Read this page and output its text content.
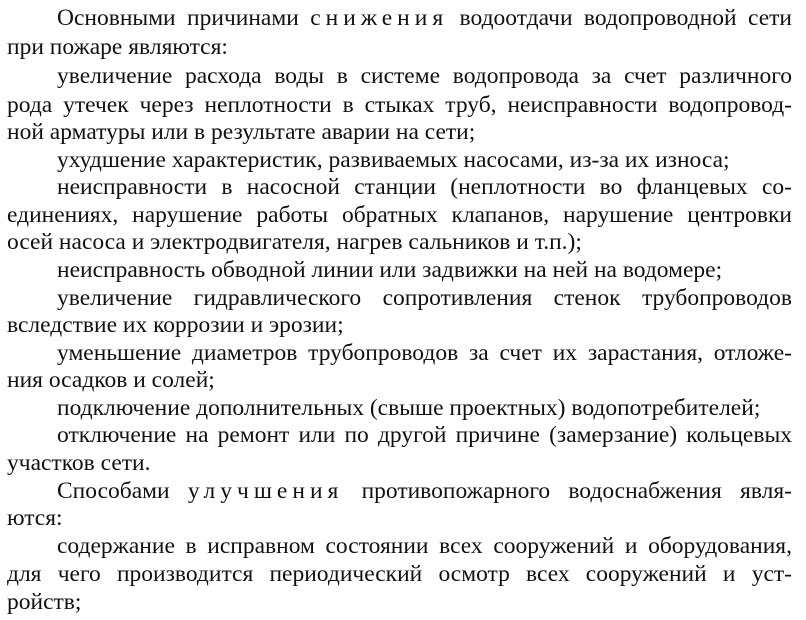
Основными причинами снижения водоотдачи водопроводной сети
при пожаре являются:
увеличение расхода воды в системе водопровода за счет различного
рода утечек через неплотности в стыках труб, неисправности водопровод-
ной арматуры или в результате аварии на сети;
ухудшение характеристик, развиваемых насосами, из-за их износа;
неисправности в насосной станции (неплотности во фланцевых со-
единениях, нарушение работы обратных клапанов, нарушение центровки
осей насоса и электродвигателя, нагрев сальников и т.п.);
неисправность обводной линии или задвижки на ней на водомере;
увеличение гидравлического сопротивления стенок трубопроводов
вследствие их коррозии и эрозии;
уменьшение диаметров трубопроводов за счет их зарастания, отложе-
ния осадков и солей;
подключение дополнительных (свыше проектных) водопотребителей;
отключение на ремонт или по другой причине (замерзание) кольцевых
участков сети.
Способами улучшения противопожарного водоснабжения явля-
ются:
содержание в исправном состоянии всех сооружений и оборудования,
для чего производится периодический осмотр всех сооружений и уст-
ройств;
